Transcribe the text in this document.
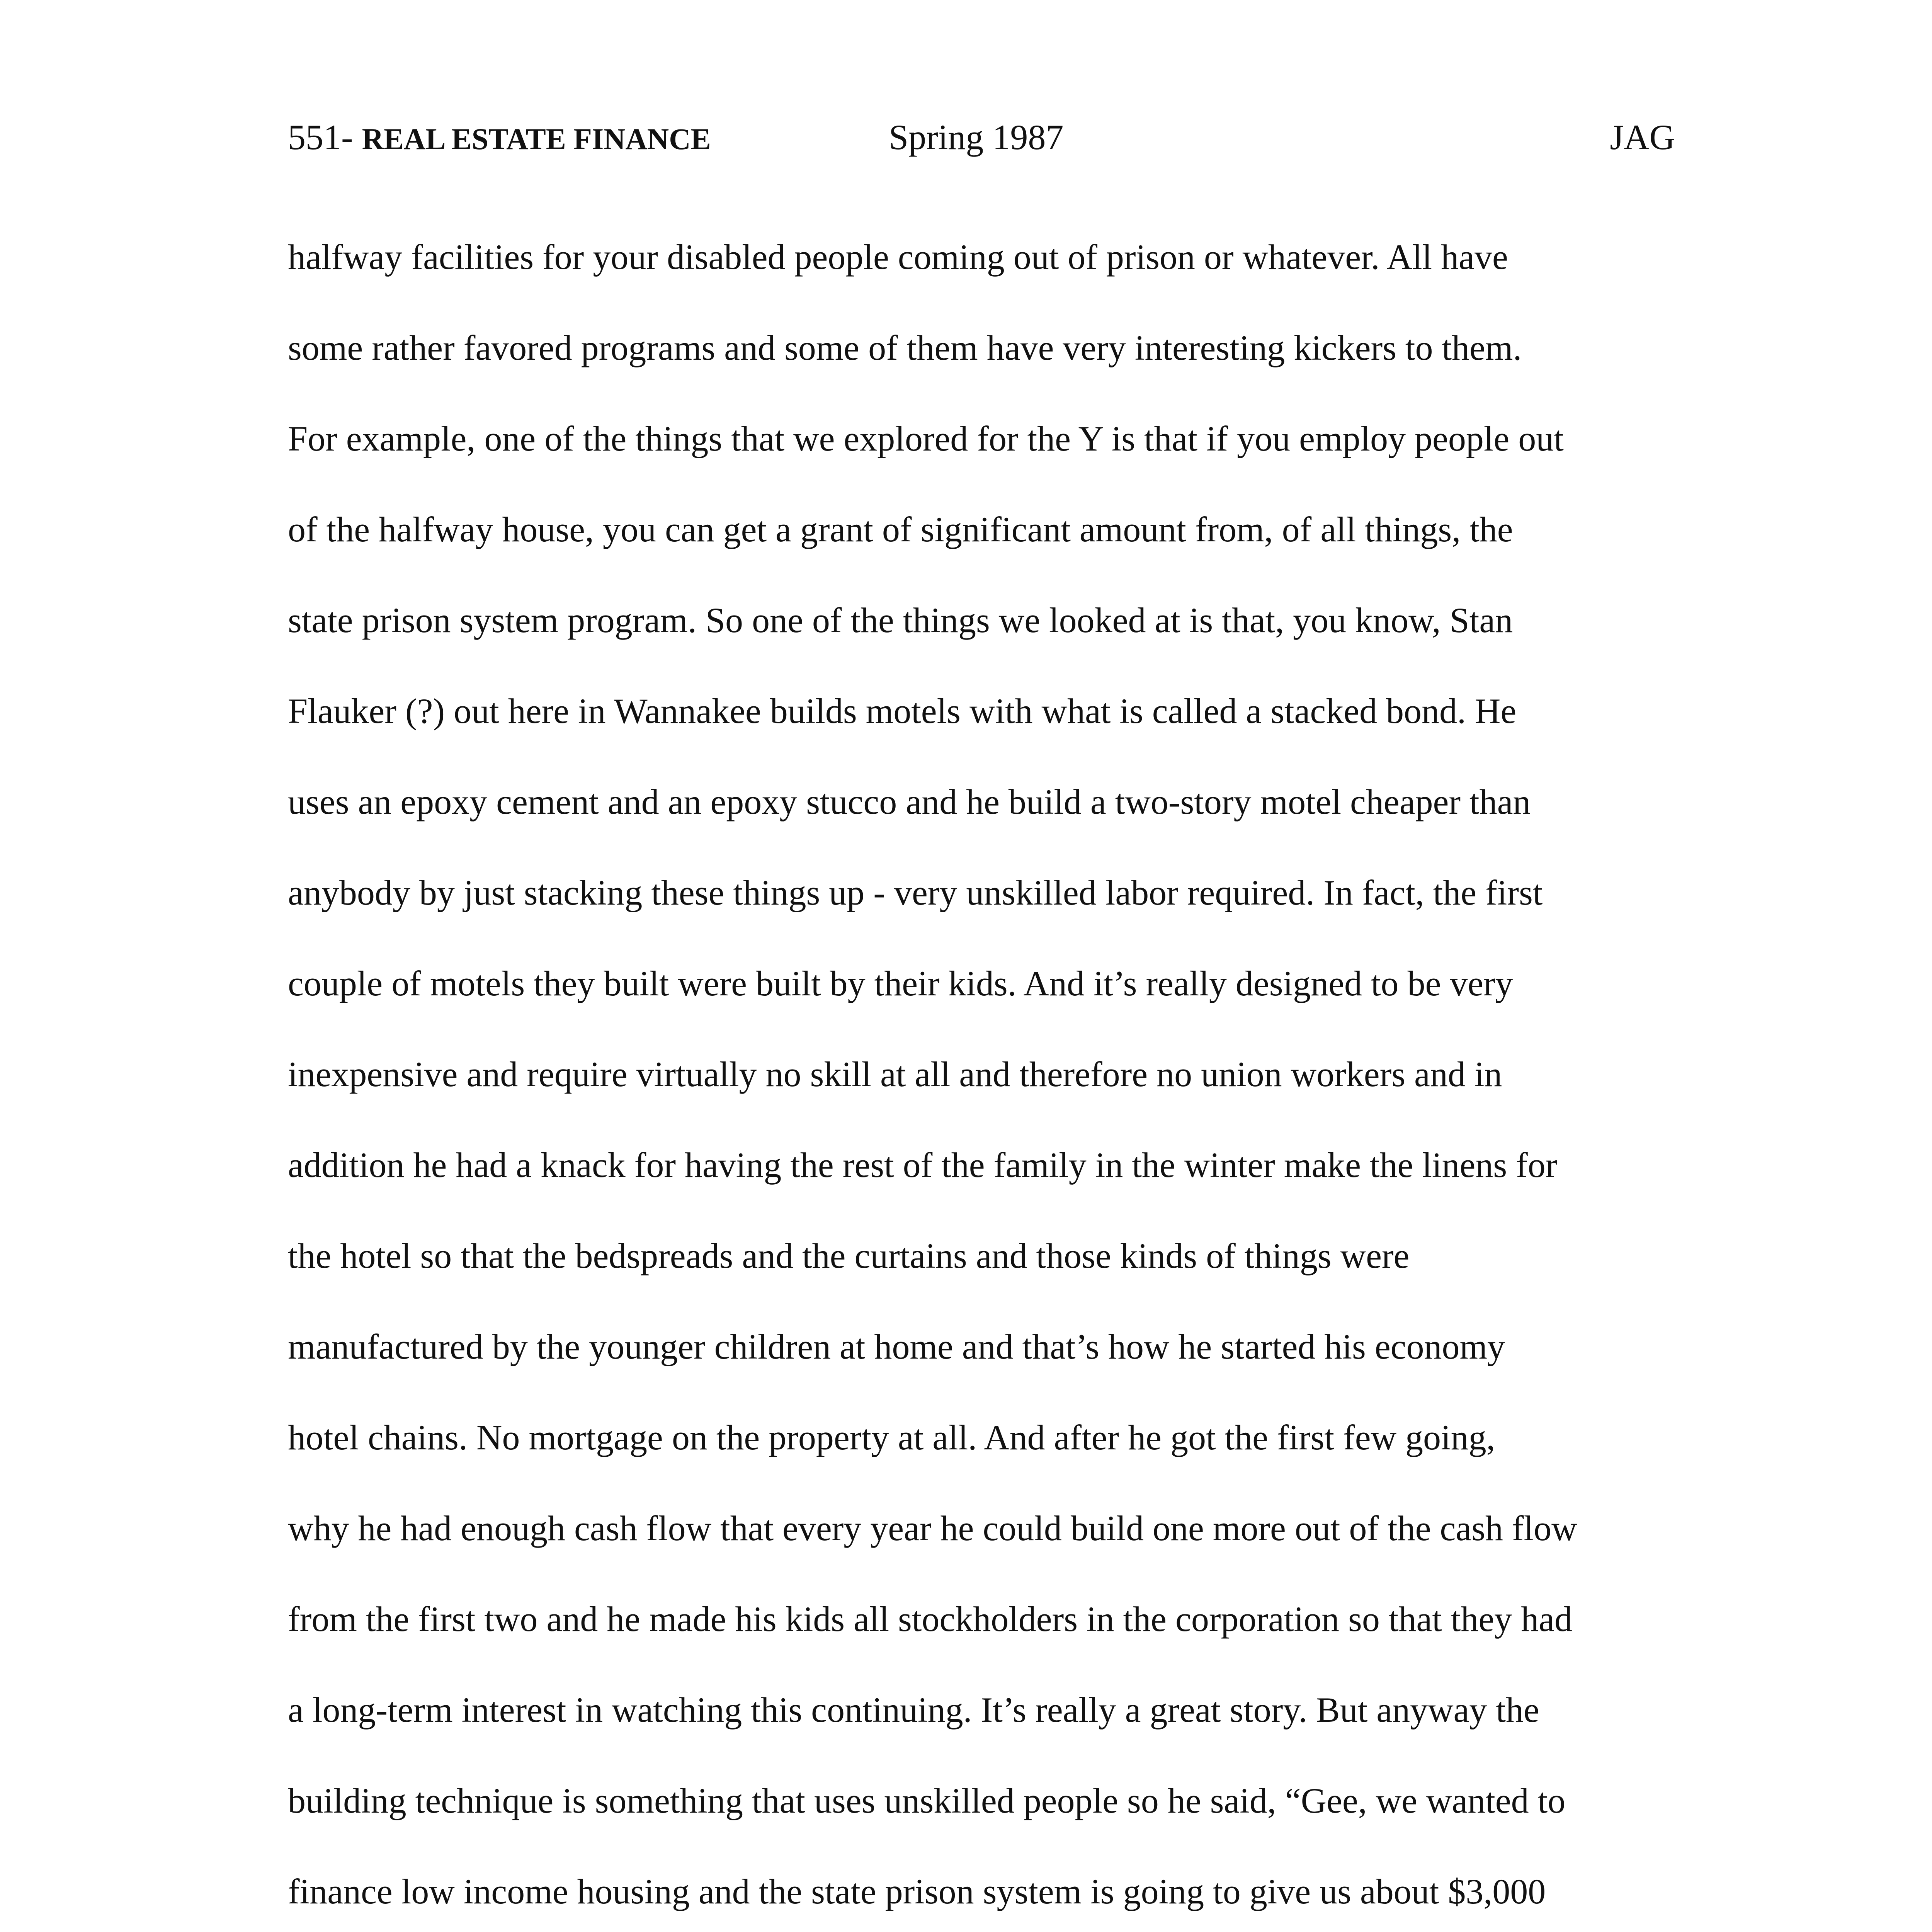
551- REAL ESTATE FINANCE	Spring 1987	JAG
halfway facilities for your disabled people coming out of prison or whatever. All have
some rather favored programs and some of them have very interesting kickers to them.
For example, one of the things that we explored for the Y is that if you employ people out
of the halfway house, you can get a grant of significant amount from, of all things, the
state prison system program. So one of the things we looked at is that, you know, Stan
Flauker (?) out here in Wannakee builds motels with what is called a stacked bond. He
uses an epoxy cement and an epoxy stucco and he build a two-story motel cheaper than
anybody by just stacking these things up - very unskilled labor required. In fact, the first
couple of motels they built were built by their kids. And it’s really designed to be very
inexpensive and require virtually no skill at all and therefore no union workers and in
addition he had a knack for having the rest of the family in the winter make the linens for
the hotel so that the bedspreads and the curtains and those kinds of things were
manufactured by the younger children at home and that’s how he started his economy
hotel chains. No mortgage on the property at all. And after he got the first few going,
why he had enough cash flow that every year he could build one more out of the cash flow
from the first two and he made his kids all stockholders in the corporation so that they had
a long-term interest in watching this continuing. It’s really a great story. But anyway the
building technique is something that uses unskilled people so he said, “Gee, we wanted to
finance low income housing and the state prison system is going to give us about $3,000
